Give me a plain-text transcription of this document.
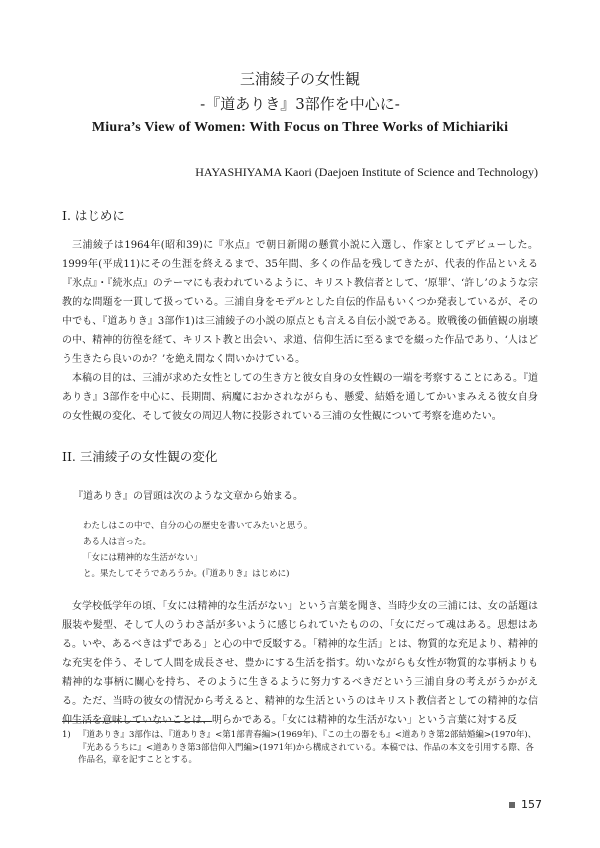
三浦綾子の女性観
-『道ありき』3部作を中心に-
Miura’s View of Women: With Focus on Three Works of Michiariki
HAYASHIYAMA Kaori (Daejoen Institute of Science and Technology)
Ⅰ. はじめに
三浦綾子は1964年(昭和39)に『氷点』で朝日新聞の懸賞小説に入選し、作家としてデビューした。1999年(平成11)にその生涯を終えるまで、35年間、多くの作品を残してきたが、代表的作品といえる『氷点』・『続氷点』のテーマにも表われているように、キリスト教信者として、‘原罪’、‘許し’のような宗教的な問題を一貫して扱っている。三浦自身をモデルとした自伝的作品もいくつか発表しているが、その中でも、『道ありき』3部作1)は三浦綾子の小説の原点とも言える自伝小説である。敗戦後の価値観の崩壊の中、精神的彷徨を経て、キリスト教と出会い、求道、信仰生活に至るまでを綴った作品であり、‘人はどう生きたら良いのか？’を絶え間なく問いかけている。
本稿の目的は、三浦が求めた女性としての生き方と彼女自身の女性観の一端を考察することにある。『道ありき』3部作を中心に、長期間、病魔におかされながらも、懸愛、結婚を通してかいまみえる彼女自身の女性観の変化、そして彼女の周辺人物に投影されている三浦の女性観について考察を進めたい。
II. 三浦綾子の女性観の変化
『道ありき』の冒頭は次のような文章から始まる。
わたしはこの中で、自分の心の歴史を書いてみたいと思う。
ある人は言った。
「女には精神的な生活がない」
と。果たしてそうであろうか。(『道ありき』はじめに)
女学校低学年の頃、「女には精神的な生活がない」という言葉を聞き、当時少女の三浦には、女の話題は服装や髪型、そして人のうわさ話が多いように感じられていたものの、「女にだって魂はある。思想はある。いや、あるべきはずである」と心の中で反駁する。「精神的な生活」とは、物質的な充足より、精神的な充実を伴う、そして人間を成長させ、豊かにする生活を指す。幼いながらも女性が物質的な事柄よりも精神的な事柄に關心を持ち、そのように生きるように努力するべきだという三浦自身の考えがうかがえる。ただ、当時の彼女の情況から考えると、精神的な生活というのはキリスト教信者としての精神的な信仰生活を意味していないことは、明らかである。「女には精神的な生活がない」という言葉に対する反
1) 『道ありき』3部作は、『道ありき』<第1部青春編>(1969年)、『この土の器をも』<道ありき第2部結婚編>(1970年)、『光あるうちに』<道ありき第3部信仰入門編>(1971年)から構成されている。本稿では、作品の本文を引用する際、各作品名，章を記すこととする。
157
